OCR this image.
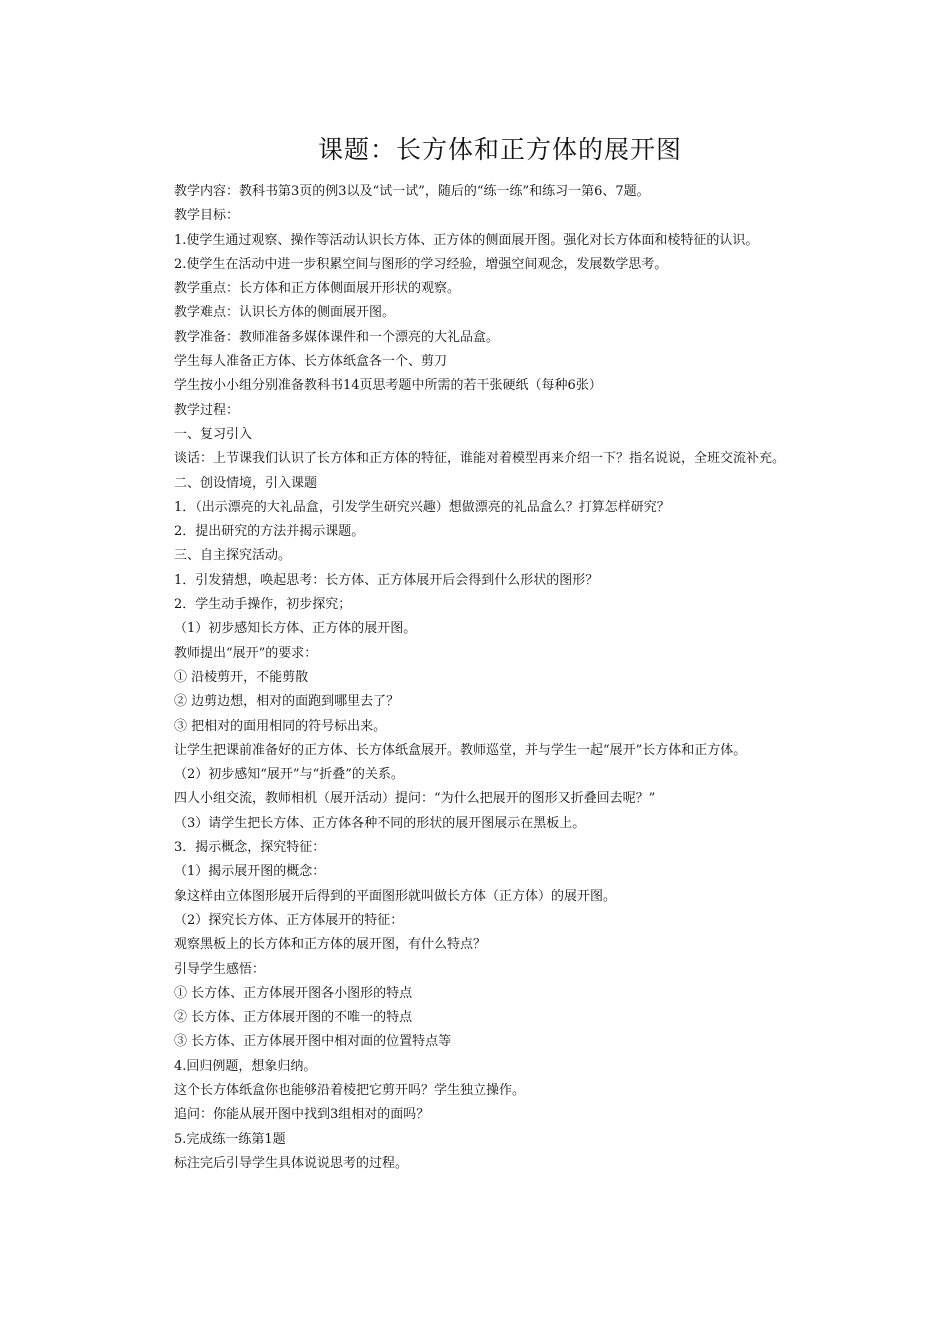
课题：长方体和正方体的展开图
教学内容：教科书第3页的例3以及“试一试”，随后的“练一练”和练习一第6、7题。
教学目标：
1.使学生通过观察、操作等活动认识长方体、正方体的侧面展开图。强化对长方体面和棱特征的认识。
2.使学生在活动中进一步积累空间与图形的学习经验，增强空间观念，发展数学思考。
教学重点：长方体和正方体侧面展开形状的观察。
教学难点：认识长方体的侧面展开图。
教学准备：教师准备多媒体课件和一个漂亮的大礼品盒。
学生每人准备正方体、长方体纸盒各一个、剪刀
学生按小小组分别准备教科书14页思考题中所需的若干张硬纸（每种6张）
教学过程：
一、复习引入
谈话：上节课我们认识了长方体和正方体的特征，谁能对着模型再来介绍一下？指名说说，全班交流补充。
二、创设情境，引入课题
1．（出示漂亮的大礼品盒，引发学生研究兴趣）想做漂亮的礼品盒么？打算怎样研究？
2．提出研究的方法并揭示课题。
三、自主探究活动。
1．引发猜想，唤起思考：长方体、正方体展开后会得到什么形状的图形？
2．学生动手操作，初步探究；
（1）初步感知长方体、正方体的展开图。
教师提出“展开”的要求：
① 沿棱剪开，不能剪散
② 边剪边想，相对的面跑到哪里去了？
③ 把相对的面用相同的符号标出来。
让学生把课前准备好的正方体、长方体纸盒展开。教师巡堂，并与学生一起“展开”长方体和正方体。
（2）初步感知“展开”与“折叠”的关系。
四人小组交流，教师相机（展开活动）提问：“为什么把展开的图形又折叠回去呢？”
（3）请学生把长方体、正方体各种不同的形状的展开图展示在黑板上。
3．揭示概念，探究特征：
（1）揭示展开图的概念：
象这样由立体图形展开后得到的平面图形就叫做长方体（正方体）的展开图。
（2）探究长方体、正方体展开的特征：
观察黑板上的长方体和正方体的展开图，有什么特点？
引导学生感悟：
① 长方体、正方体展开图各小图形的特点
② 长方体、正方体展开图的不唯一的特点
③ 长方体、正方体展开图中相对面的位置特点等
4.回归例题，想象归纳。
这个长方体纸盒你也能够沿着棱把它剪开吗？学生独立操作。
追问：你能从展开图中找到3组相对的面吗？
5.完成练一练第1题
标注完后引导学生具体说说思考的过程。
